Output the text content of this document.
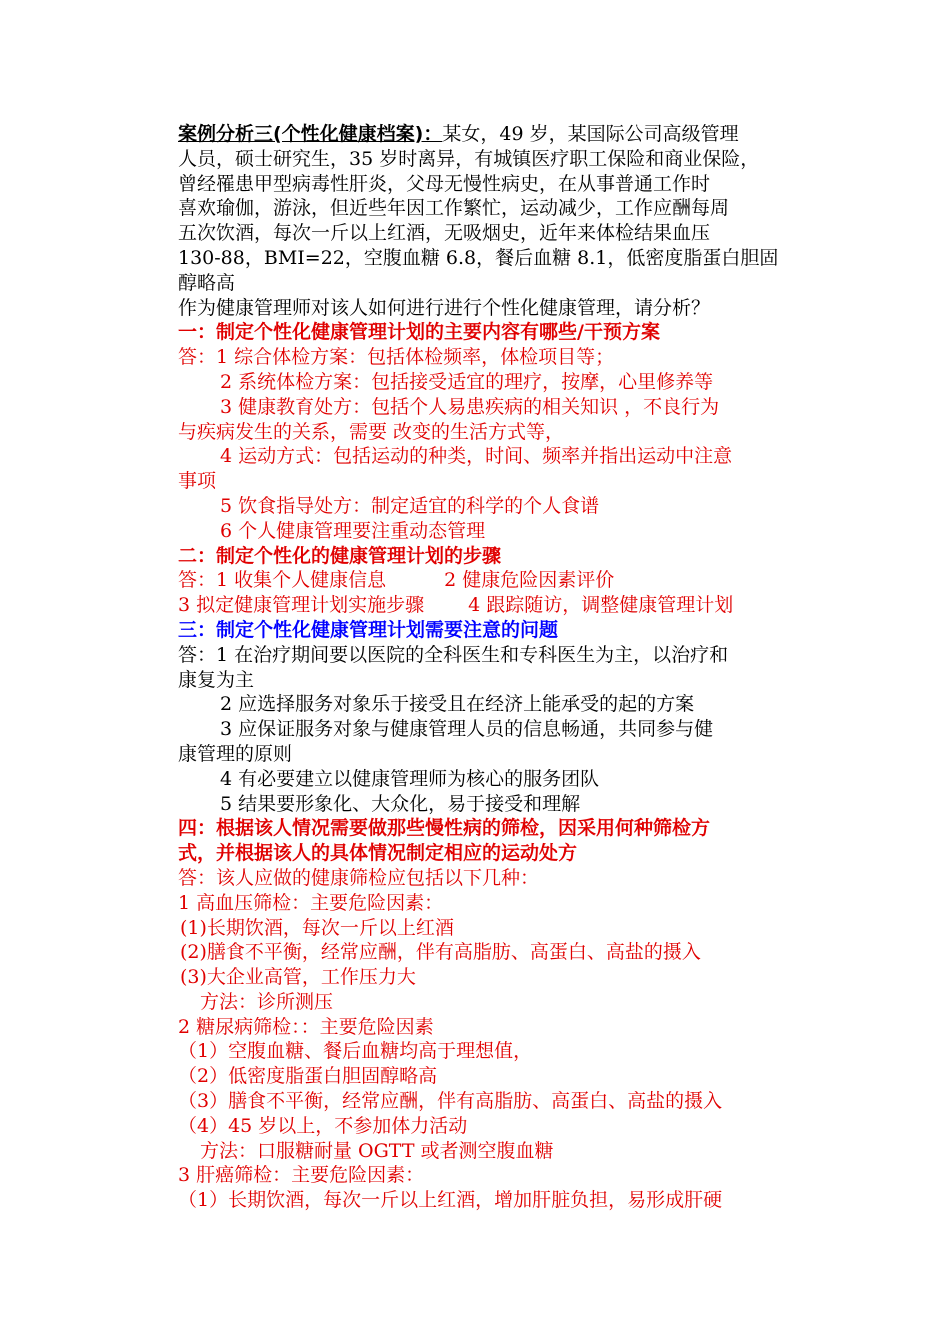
案例分析三(个性化健康档案)：某女，49 岁，某国际公司高级管理
人员，硕士研究生，35 岁时离异，有城镇医疗职工保险和商业保险，
曾经罹患甲型病毒性肝炎，父母无慢性病史，在从事普通工作时
喜欢瑜伽，游泳，但近些年因工作繁忙，运动减少，工作应酬每周
五次饮酒，每次一斤以上红酒，无吸烟史，近年来体检结果血压
130-88，BMI=22，空腹血糖 6.8，餐后血糖 8.1，低密度脂蛋白胆固
醇略高
作为健康管理师对该人如何进行进行个性化健康管理，请分析？
一：制定个性化健康管理计划的主要内容有哪些/干预方案
答：1 综合体检方案：包括体检频率，体检项目等；
2 系统体检方案：包括接受适宜的理疗，按摩，心里修养等
3 健康教育处方：包括个人易患疾病的相关知识 ，不良行为
与疾病发生的关系，需要 改变的生活方式等，
4 运动方式：包括运动的种类，时间、频率并指出运动中注意
事项
5 饮食指导处方：制定适宜的科学的个人食谱
6 个人健康管理要注重动态管理
二：制定个性化的健康管理计划的步骤
答：1 收集个人健康信息	2 健康危险因素评价
3 拟定健康管理计划实施步骤 4 跟踪随访，调整健康管理计划
三：制定个性化健康管理计划需要注意的问题
答：1 在治疗期间要以医院的全科医生和专科医生为主，以治疗和
康复为主
2 应选择服务对象乐于接受且在经济上能承受的起的方案
3 应保证服务对象与健康管理人员的信息畅通，共同参与健
康管理的原则
4 有必要建立以健康管理师为核心的服务团队
5 结果要形象化、大众化，易于接受和理解
四：根据该人情况需要做那些慢性病的筛检，因采用何种筛检方
式，并根据该人的具体情况制定相应的运动处方
答：该人应做的健康筛检应包括以下几种：
1 高血压筛检：主要危险因素：
(1)长期饮酒，每次一斤以上红酒
(2)膳食不平衡，经常应酬，伴有高脂肪、高蛋白、高盐的摄入
(3)大企业高管，工作压力大
方法：诊所测压
2 糖尿病筛检：：主要危险因素
（1）空腹血糖、餐后血糖均高于理想值，
（2）低密度脂蛋白胆固醇略高
（3）膳食不平衡，经常应酬，伴有高脂肪、高蛋白、高盐的摄入
（4）45 岁以上，不参加体力活动
方法：口服糖耐量 OGTT 或者测空腹血糖
3 肝癌筛检：主要危险因素：
（1）长期饮酒，每次一斤以上红酒，增加肝脏负担，易形成肝硬
